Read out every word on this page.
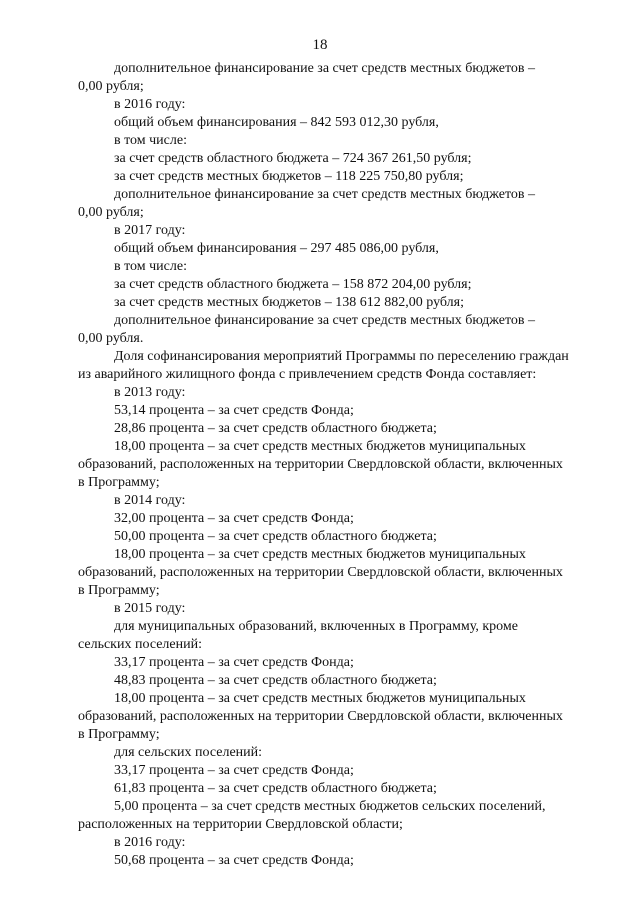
18

дополнительное финансирование за счет средств местных бюджетов –
0,00 рубля;

в 2016 году:

общий объем финансирования – 842 593 012,30 рубля,

в том числе:

за счет средств областного бюджета – 724 367 261,50 рубля;

за счет средств местных бюджетов – 118 225 750,80 рубля;

дополнительное финансирование за счет средств местных бюджетов –
0,00 рубля;

в 2017 году:

общий объем финансирования – 297 485 086,00 рубля,

в том числе:

за счет средств областного бюджета – 158 872 204,00 рубля;

за счет средств местных бюджетов – 138 612 882,00 рубля;

дополнительное финансирование за счет средств местных бюджетов –
0,00 рубля.

Доля софинансирования мероприятий Программы по переселению граждан
из аварийного жилищного фонда с привлечением средств Фонда составляет:

в 2013 году:

53,14 процента – за счет средств Фонда;

28,86 процента – за счет средств областного бюджета;

18,00 процента – за счет средств местных бюджетов муниципальных
образований, расположенных на территории Свердловской области, включенных
в Программу;

в 2014 году:

32,00 процента – за счет средств Фонда;

50,00 процента – за счет средств областного бюджета;

18,00 процента – за счет средств местных бюджетов муниципальных
образований, расположенных на территории Свердловской области, включенных
в Программу;

в 2015 году:

для муниципальных образований, включенных в Программу, кроме
сельских поселений:

33,17 процента – за счет средств Фонда;

48,83 процента – за счет средств областного бюджета;

18,00 процента – за счет средств местных бюджетов муниципальных
образований, расположенных на территории Свердловской области, включенных
в Программу;

для сельских поселений:

33,17 процента – за счет средств Фонда;

61,83 процента – за счет средств областного бюджета;

5,00 процента – за счет средств местных бюджетов сельских поселений,
расположенных на территории Свердловской области;

в 2016 году:

50,68 процента – за счет средств Фонда;
